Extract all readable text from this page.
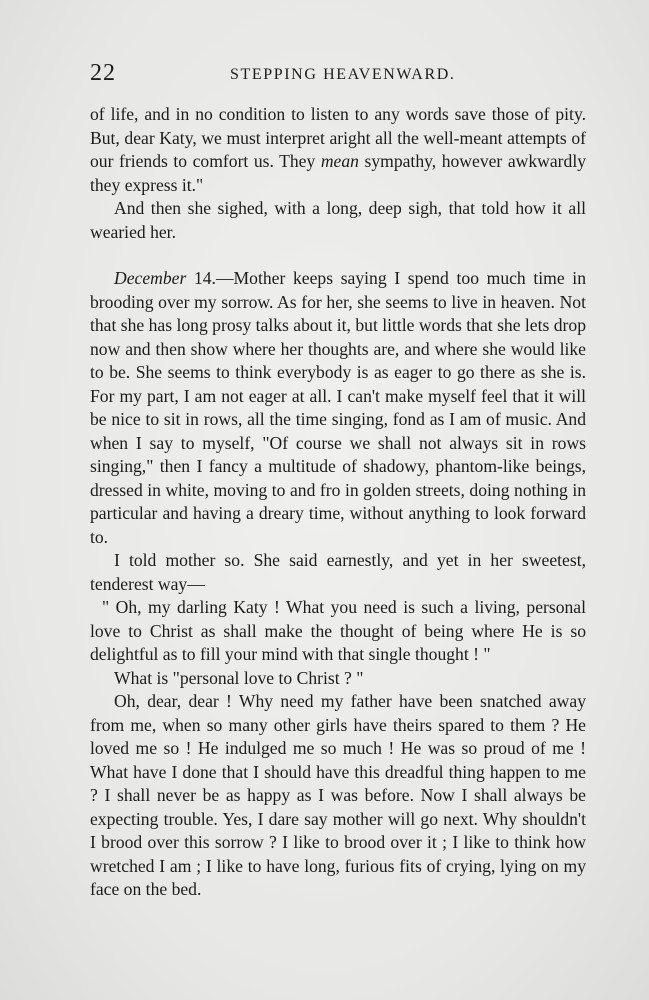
22	STEPPING HEAVENWARD.

of life, and in no condition to listen to any words save those of pity. But, dear Katy, we must interpret aright all the well-meant attempts of our friends to comfort us. They mean sympathy, however awkwardly they express it."

And then she sighed, with a long, deep sigh, that told how it all wearied her.

December 14.—Mother keeps saying I spend too much time in brooding over my sorrow. As for her, she seems to live in heaven. Not that she has long prosy talks about it, but little words that she lets drop now and then show where her thoughts are, and where she would like to be. She seems to think everybody is as eager to go there as she is. For my part, I am not eager at all. I can't make myself feel that it will be nice to sit in rows, all the time singing, fond as I am of music. And when I say to myself, "Of course we shall not always sit in rows singing," then I fancy a multitude of shadowy, phantom-like beings, dressed in white, moving to and fro in golden streets, doing nothing in particular and having a dreary time, without anything to look forward to.

I told mother so. She said earnestly, and yet in her sweetest, tenderest way—

" Oh, my darling Katy ! What you need is such a living, personal love to Christ as shall make the thought of being where He is so delightful as to fill your mind with that single thought ! "

What is "personal love to Christ ? "

Oh, dear, dear ! Why need my father have been snatched away from me, when so many other girls have theirs spared to them ? He loved me so ! He indulged me so much ! He was so proud of me ! What have I done that I should have this dreadful thing happen to me ? I shall never be as happy as I was before. Now I shall always be expecting trouble. Yes, I dare say mother will go next. Why shouldn't I brood over this sorrow ? I like to brood over it ; I like to think how wretched I am ; I like to have long, furious fits of crying, lying on my face on the bed.
